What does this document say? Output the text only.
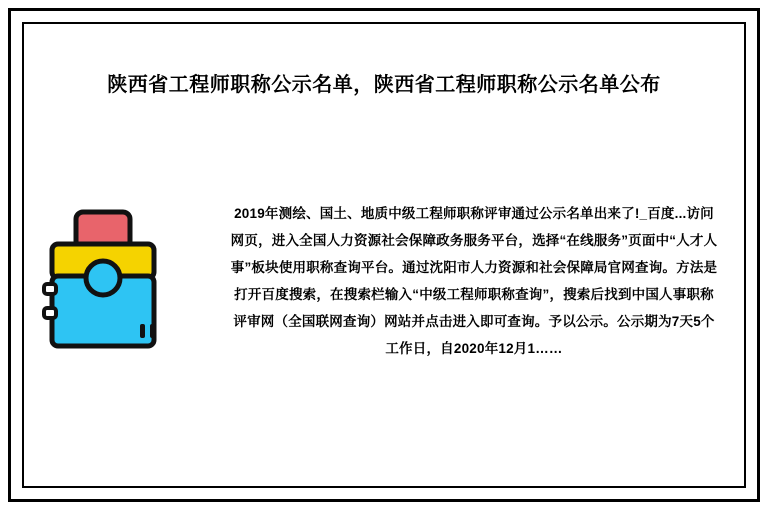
陕西省工程师职称公示名单，陕西省工程师职称公示名单公布
2019年测绘、国土、地质中级工程师职称评审通过公示名单出来了!_百度...访问 网页，进入全国人力资源社会保障政务服务平台，选择“在线服务”页面中“人才人事”板块使用职称查询平台。通过沈阳市人力资源和社会保障局官网查询。方法是打开百度搜索，在搜索栏输入“中级工程师职称查询”，搜索后找到中国人事职称评审网（全国联网查询）网站并点击进入即可查询。予以公示。公示期为7天5个工作日，自2020年12月1……
